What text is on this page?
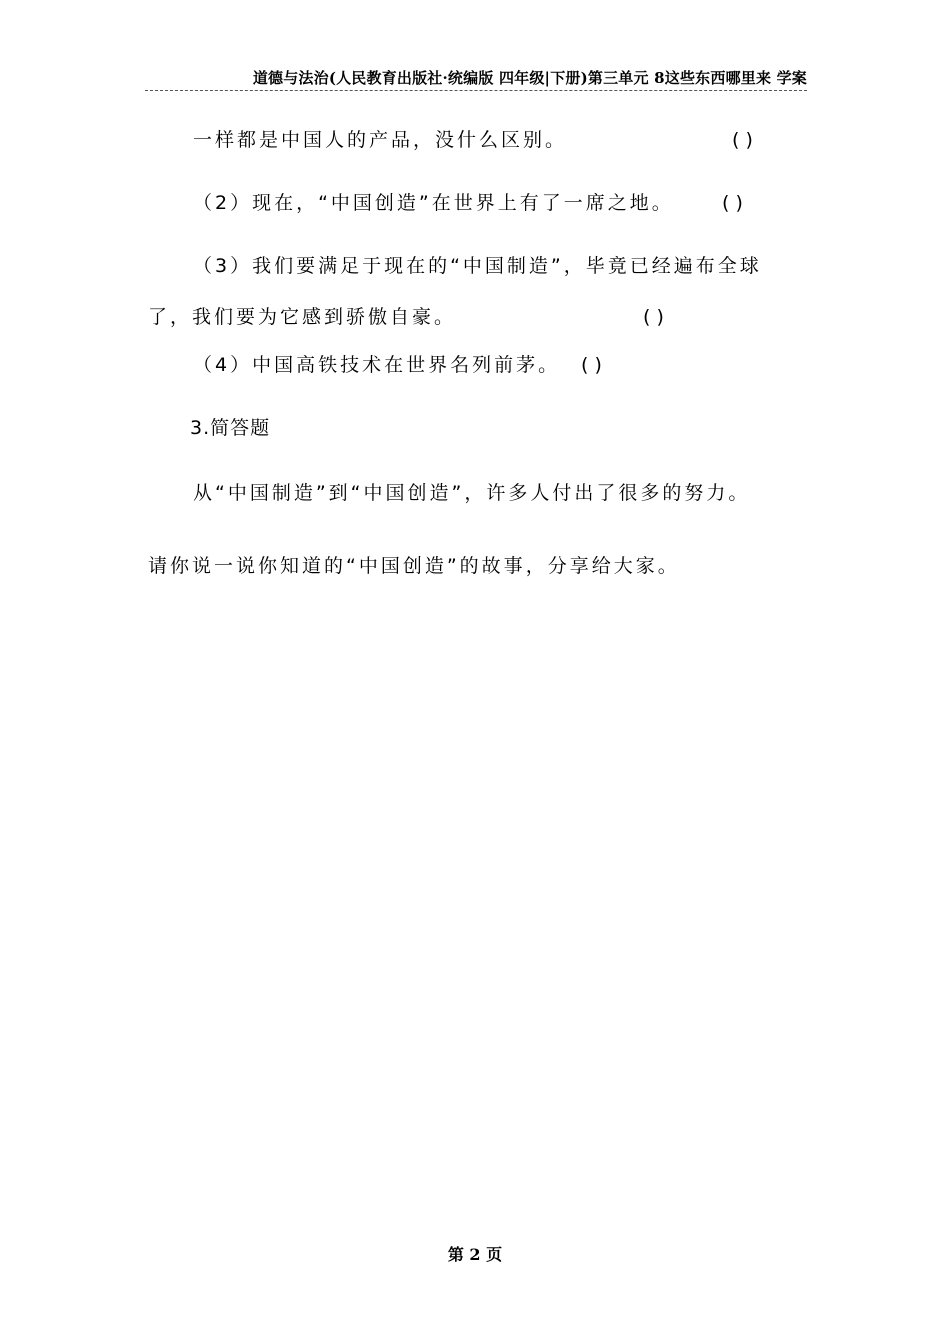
道德与法治(人民教育出版社·统编版 四年级|下册)第三单元 8这些东西哪里来 学案
一样都是中国人的产品，没什么区别。	( )
（2）现在，“中国创造”在世界上有了一席之地。	( )
（3）我们要满足于现在的“中国制造”，毕竟已经遍布全球
了，我们要为它感到骄傲自豪。	( )
（4）中国高铁技术在世界名列前茅。 ( )
3.简答题
从“中国制造”到“中国创造”，许多人付出了很多的努力。
请你说一说你知道的“中国创造”的故事，分享给大家。
第 2 页
